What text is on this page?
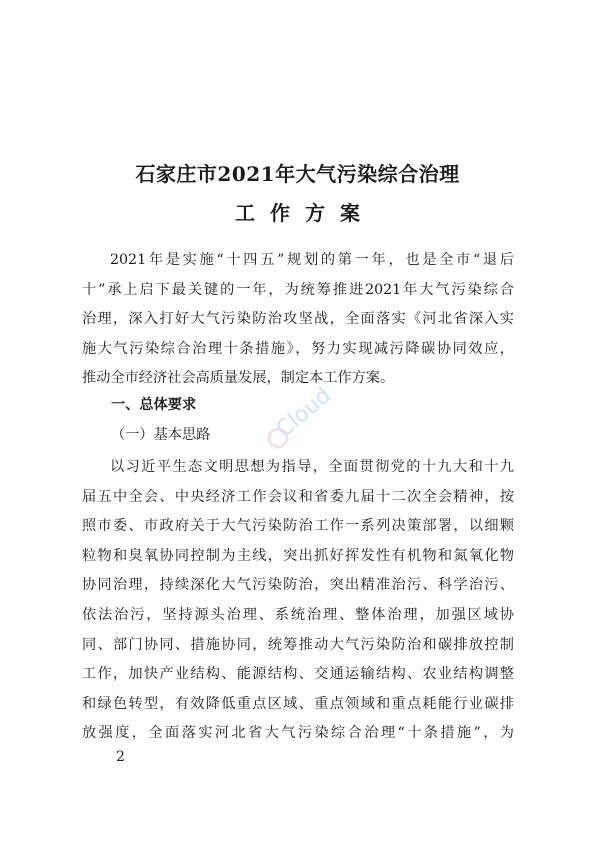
石家庄市2021年大气污染综合治理
工作方案
2021年是实施“十四五”规划的第一年，也是全市“退后
十”承上启下最关键的一年，为统筹推进2021年大气污染综合
治理，深入打好大气污染防治攻坚战，全面落实《河北省深入实
施大气污染综合治理十条措施》，努力实现减污降碳协同效应，
推动全市经济社会高质量发展，制定本工作方案。
一、总体要求
（一）基本思路
以习近平生态文明思想为指导，全面贯彻党的十九大和十九
届五中全会、中央经济工作会议和省委九届十二次全会精神，按
照市委、市政府关于大气污染防治工作一系列决策部署，以细颗
粒物和臭氧协同控制为主线，突出抓好挥发性有机物和氮氧化物
协同治理，持续深化大气污染防治，突出精准治污、科学治污、
依法治污，坚持源头治理、系统治理、整体治理，加强区域协
同、部门协同、措施协同，统筹推动大气污染防治和碳排放控制
工作，加快产业结构、能源结构、交通运输结构、农业结构调整
和绿色转型，有效降低重点区域、重点领域和重点耗能行业碳排
放强度，全面落实河北省大气污染综合治理“十条措施”，为
Cloud
2
